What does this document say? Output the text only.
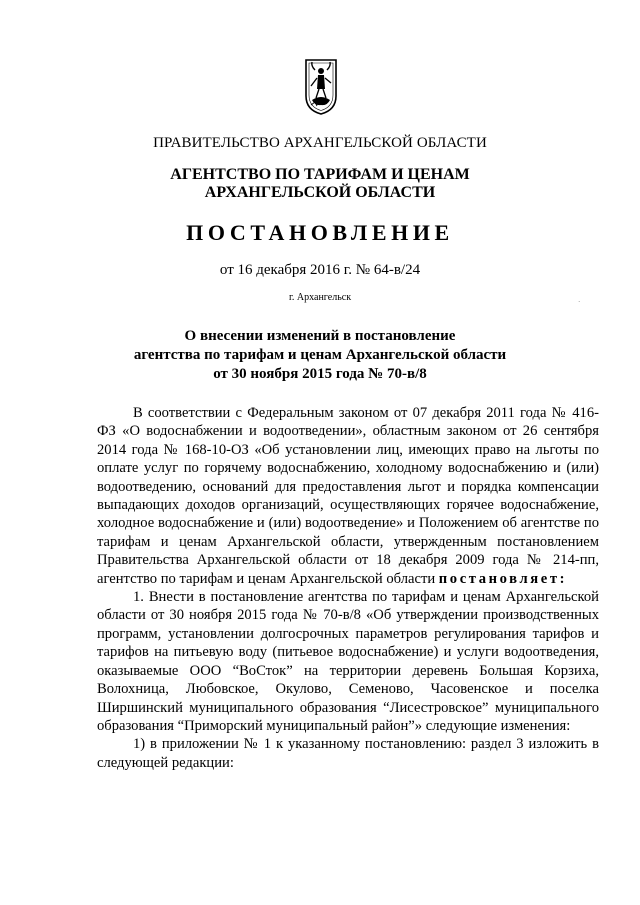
ПРАВИТЕЛЬСТВО АРХАНГЕЛЬСКОЙ ОБЛАСТИ
АГЕНТСТВО ПО ТАРИФАМ И ЦЕНАМ
АРХАНГЕЛЬСКОЙ ОБЛАСТИ
ПОСТАНОВЛЕНИЕ
от 16 декабря 2016 г. № 64-в/24
г. Архангельск	·
О внесении изменений в постановление
агентства по тарифам и ценам Архангельской области
от 30 ноября 2015 года № 70-в/8

В соответствии с Федеральным законом от 07 декабря 2011 года № 416-ФЗ «О водоснабжении и водоотведении», областным законом от 26 сентября 2014 года № 168-10-ОЗ «Об установлении лиц, имеющих право на льготы по оплате услуг по горячему водоснабжению, холодному водоснабжению и (или) водоотведению, оснований для предоставления льгот и порядка компенсации выпадающих доходов организаций, осуществляющих горячее водоснабжение, холодное водоснабжение и (или) водоотведение» и Положением об агентстве по тарифам и ценам Архангельской области, утвержденным постановлением Правительства Архангельской области от 18 декабря 2009 года № 214-пп, агентство по тарифам и ценам Архангельской области постановляет:

1. Внести в постановление агентства по тарифам и ценам Архангельской области от 30 ноября 2015 года № 70-в/8 «Об утверждении производственных программ, установлении долгосрочных параметров регулирования тарифов и тарифов на питьевую воду (питьевое водоснабжение) и услуги водоотведения, оказываемые ООО “ВоСток” на территории деревень Большая Корзиха, Волохница, Любовское, Окулово, Семеново, Часовенское и поселка Ширшинский муниципального образования “Лисестровское” муниципального образования “Приморский муниципальный район”» следующие изменения:

1) в приложении № 1 к указанному постановлению: раздел 3 изложить в следующей редакции:
